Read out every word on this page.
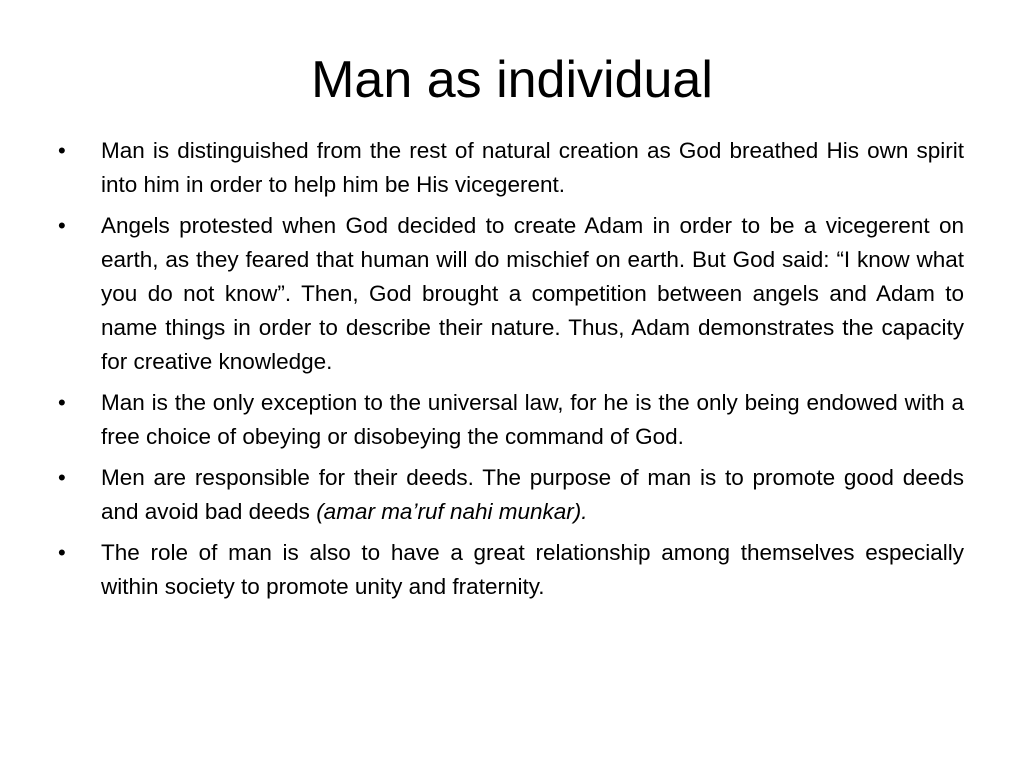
Man as individual
•	Man is distinguished from the rest of natural creation as God breathed His own spirit into him in order to help him be His vicegerent.
•	Angels protested when God decided to create Adam in order to be a vicegerent on earth, as they feared that human will do mischief on earth. But God said: “I know what you do not know”. Then, God brought a competition between angels and Adam to name things in order to describe their nature. Thus, Adam demonstrates the capacity for creative knowledge.
•	Man is the only exception to the universal law, for he is the only being endowed with a free choice of obeying or disobeying the command of God.
•	Men are responsible for their deeds. The purpose of man is to promote good deeds and avoid bad deeds (amar ma’ruf nahi munkar).
•	The role of man is also to have a great relationship among themselves especially within society to promote unity and fraternity.
